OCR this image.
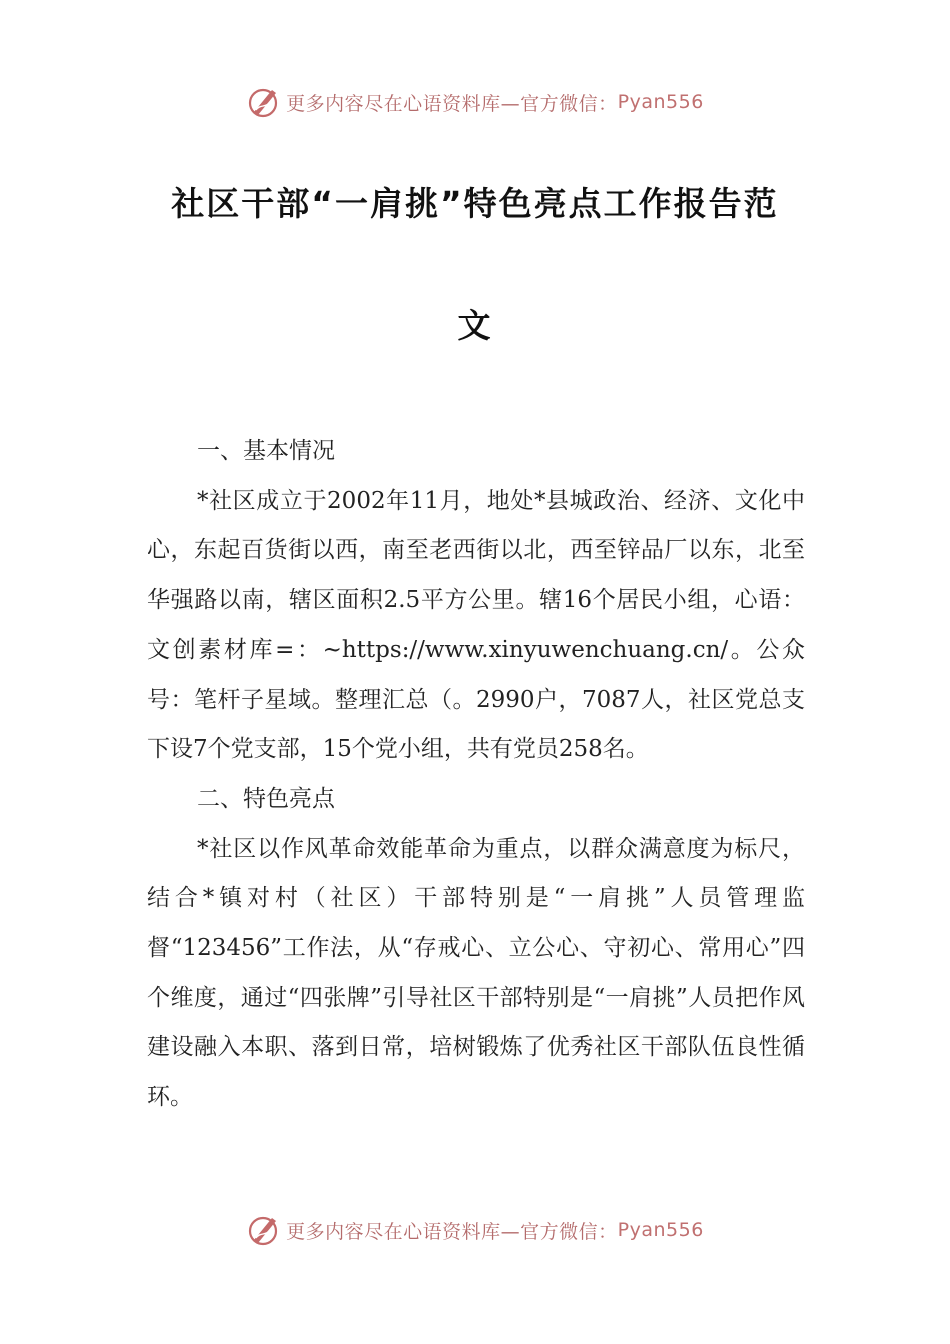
更多内容尽在心语资料库—官方微信： Pyan556
社区干部“一肩挑”特色亮点工作报告范
文

一、基本情况

*社区成立于2002年11月，地处*县城政治、经济、文化中心，东起百货街以西，南至老西街以北，西至锌品厂以东，北至华强路以南，辖区面积2.5平方公里。辖16个居民小组，心语：文创素材库=：~https://www.xinyuwenchuang.cn/。公众号：笔杆子星域。整理汇总（。2990户，7087人，社区党总支下设7个党支部，15个党小组，共有党员258名。

二、特色亮点

*社区以作风革命效能革命为重点，以群众满意度为标尺，结合*镇对村（社区）干部特别是“一肩挑”人员管理监督“123456”工作法，从“存戒心、立公心、守初心、常用心”四个维度，通过“四张牌”引导社区干部特别是“一肩挑”人员把作风建设融入本职、落到日常，培树锻炼了优秀社区干部队伍良性循环。

更多内容尽在心语资料库—官方微信： Pyan556
